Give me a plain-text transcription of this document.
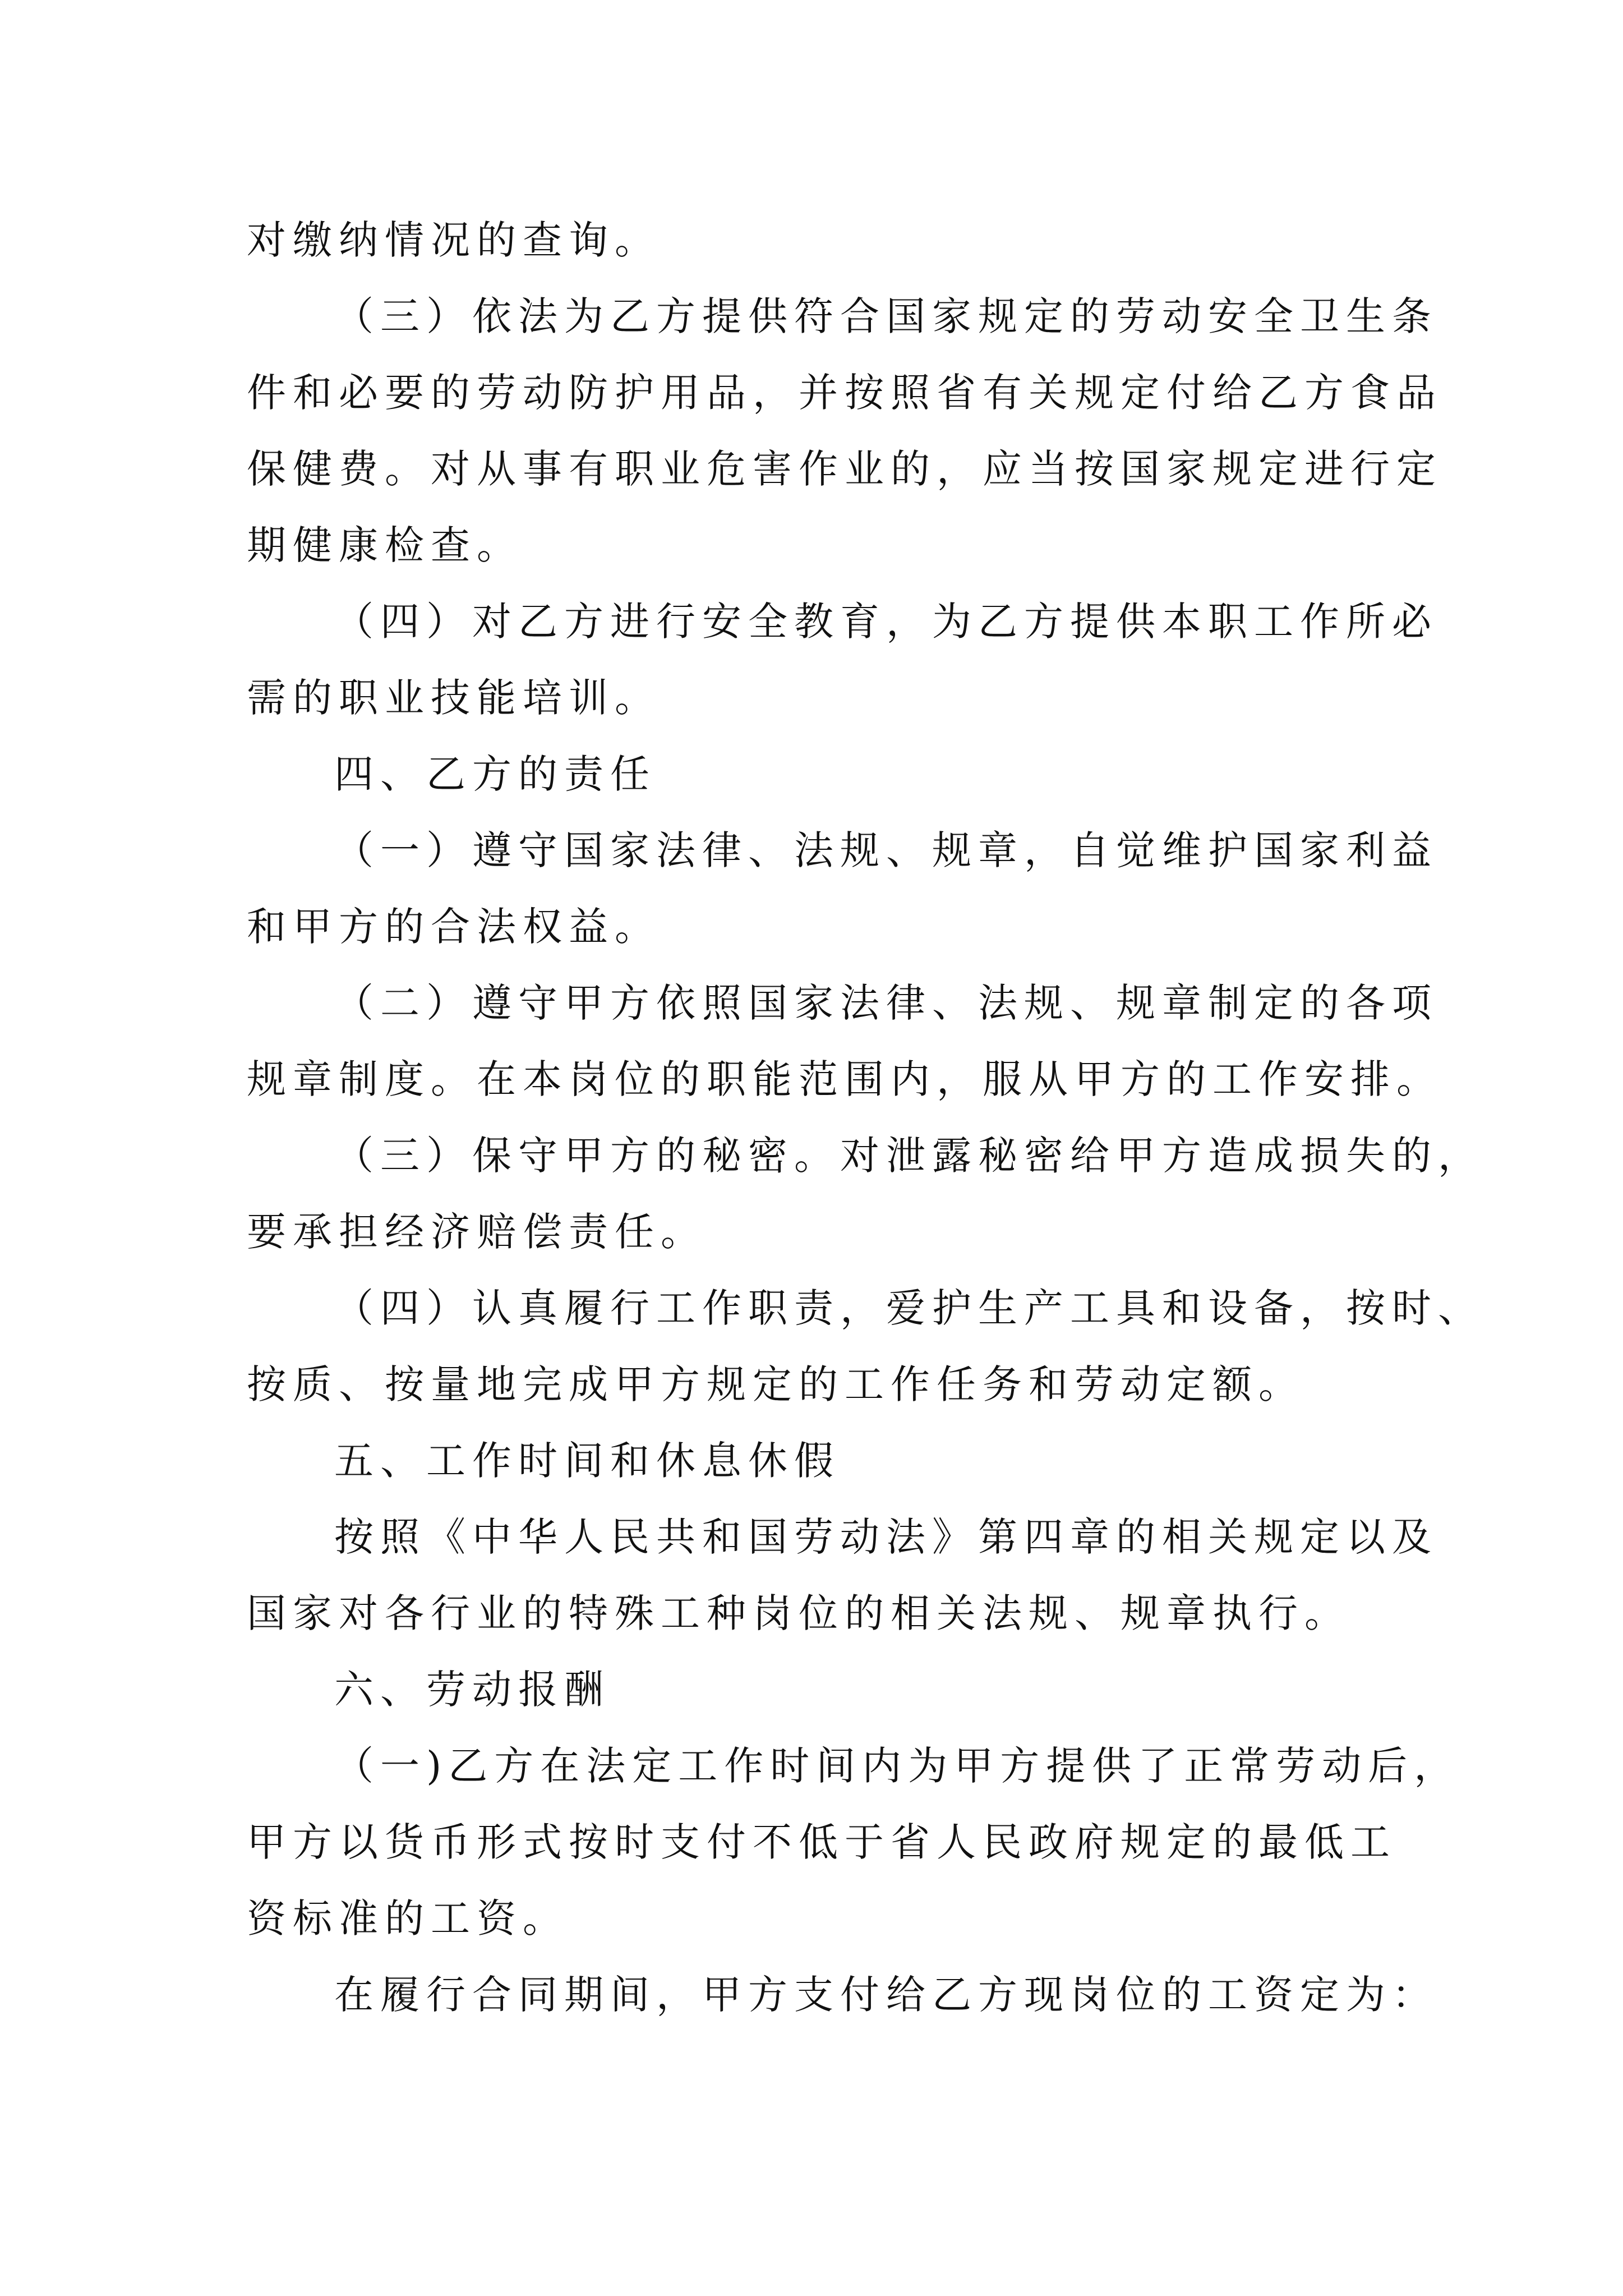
对缴纳情况的查询。
（三）依法为乙方提供符合国家规定的劳动安全卫生条
件和必要的劳动防护用品，并按照省有关规定付给乙方食品
保健费。对从事有职业危害作业的，应当按国家规定进行定
期健康检查。
（四）对乙方进行安全教育，为乙方提供本职工作所必
需的职业技能培训。
四、乙方的责任
（一）遵守国家法律、法规、规章，自觉维护国家利益
和甲方的合法权益。
（二）遵守甲方依照国家法律、法规、规章制定的各项
规章制度。在本岗位的职能范围内，服从甲方的工作安排。
（三）保守甲方的秘密。对泄露秘密给甲方造成损失的，
要承担经济赔偿责任。
（四）认真履行工作职责，爱护生产工具和设备，按时、
按质、按量地完成甲方规定的工作任务和劳动定额。
五、工作时间和休息休假
按照《中华人民共和国劳动法》第四章的相关规定以及
国家对各行业的特殊工种岗位的相关法规、规章执行。
六、劳动报酬
（一)乙方在法定工作时间内为甲方提供了正常劳动后，
甲方以货币形式按时支付不低于省人民政府规定的最低工
资标准的工资。
在履行合同期间，甲方支付给乙方现岗位的工资定为：
